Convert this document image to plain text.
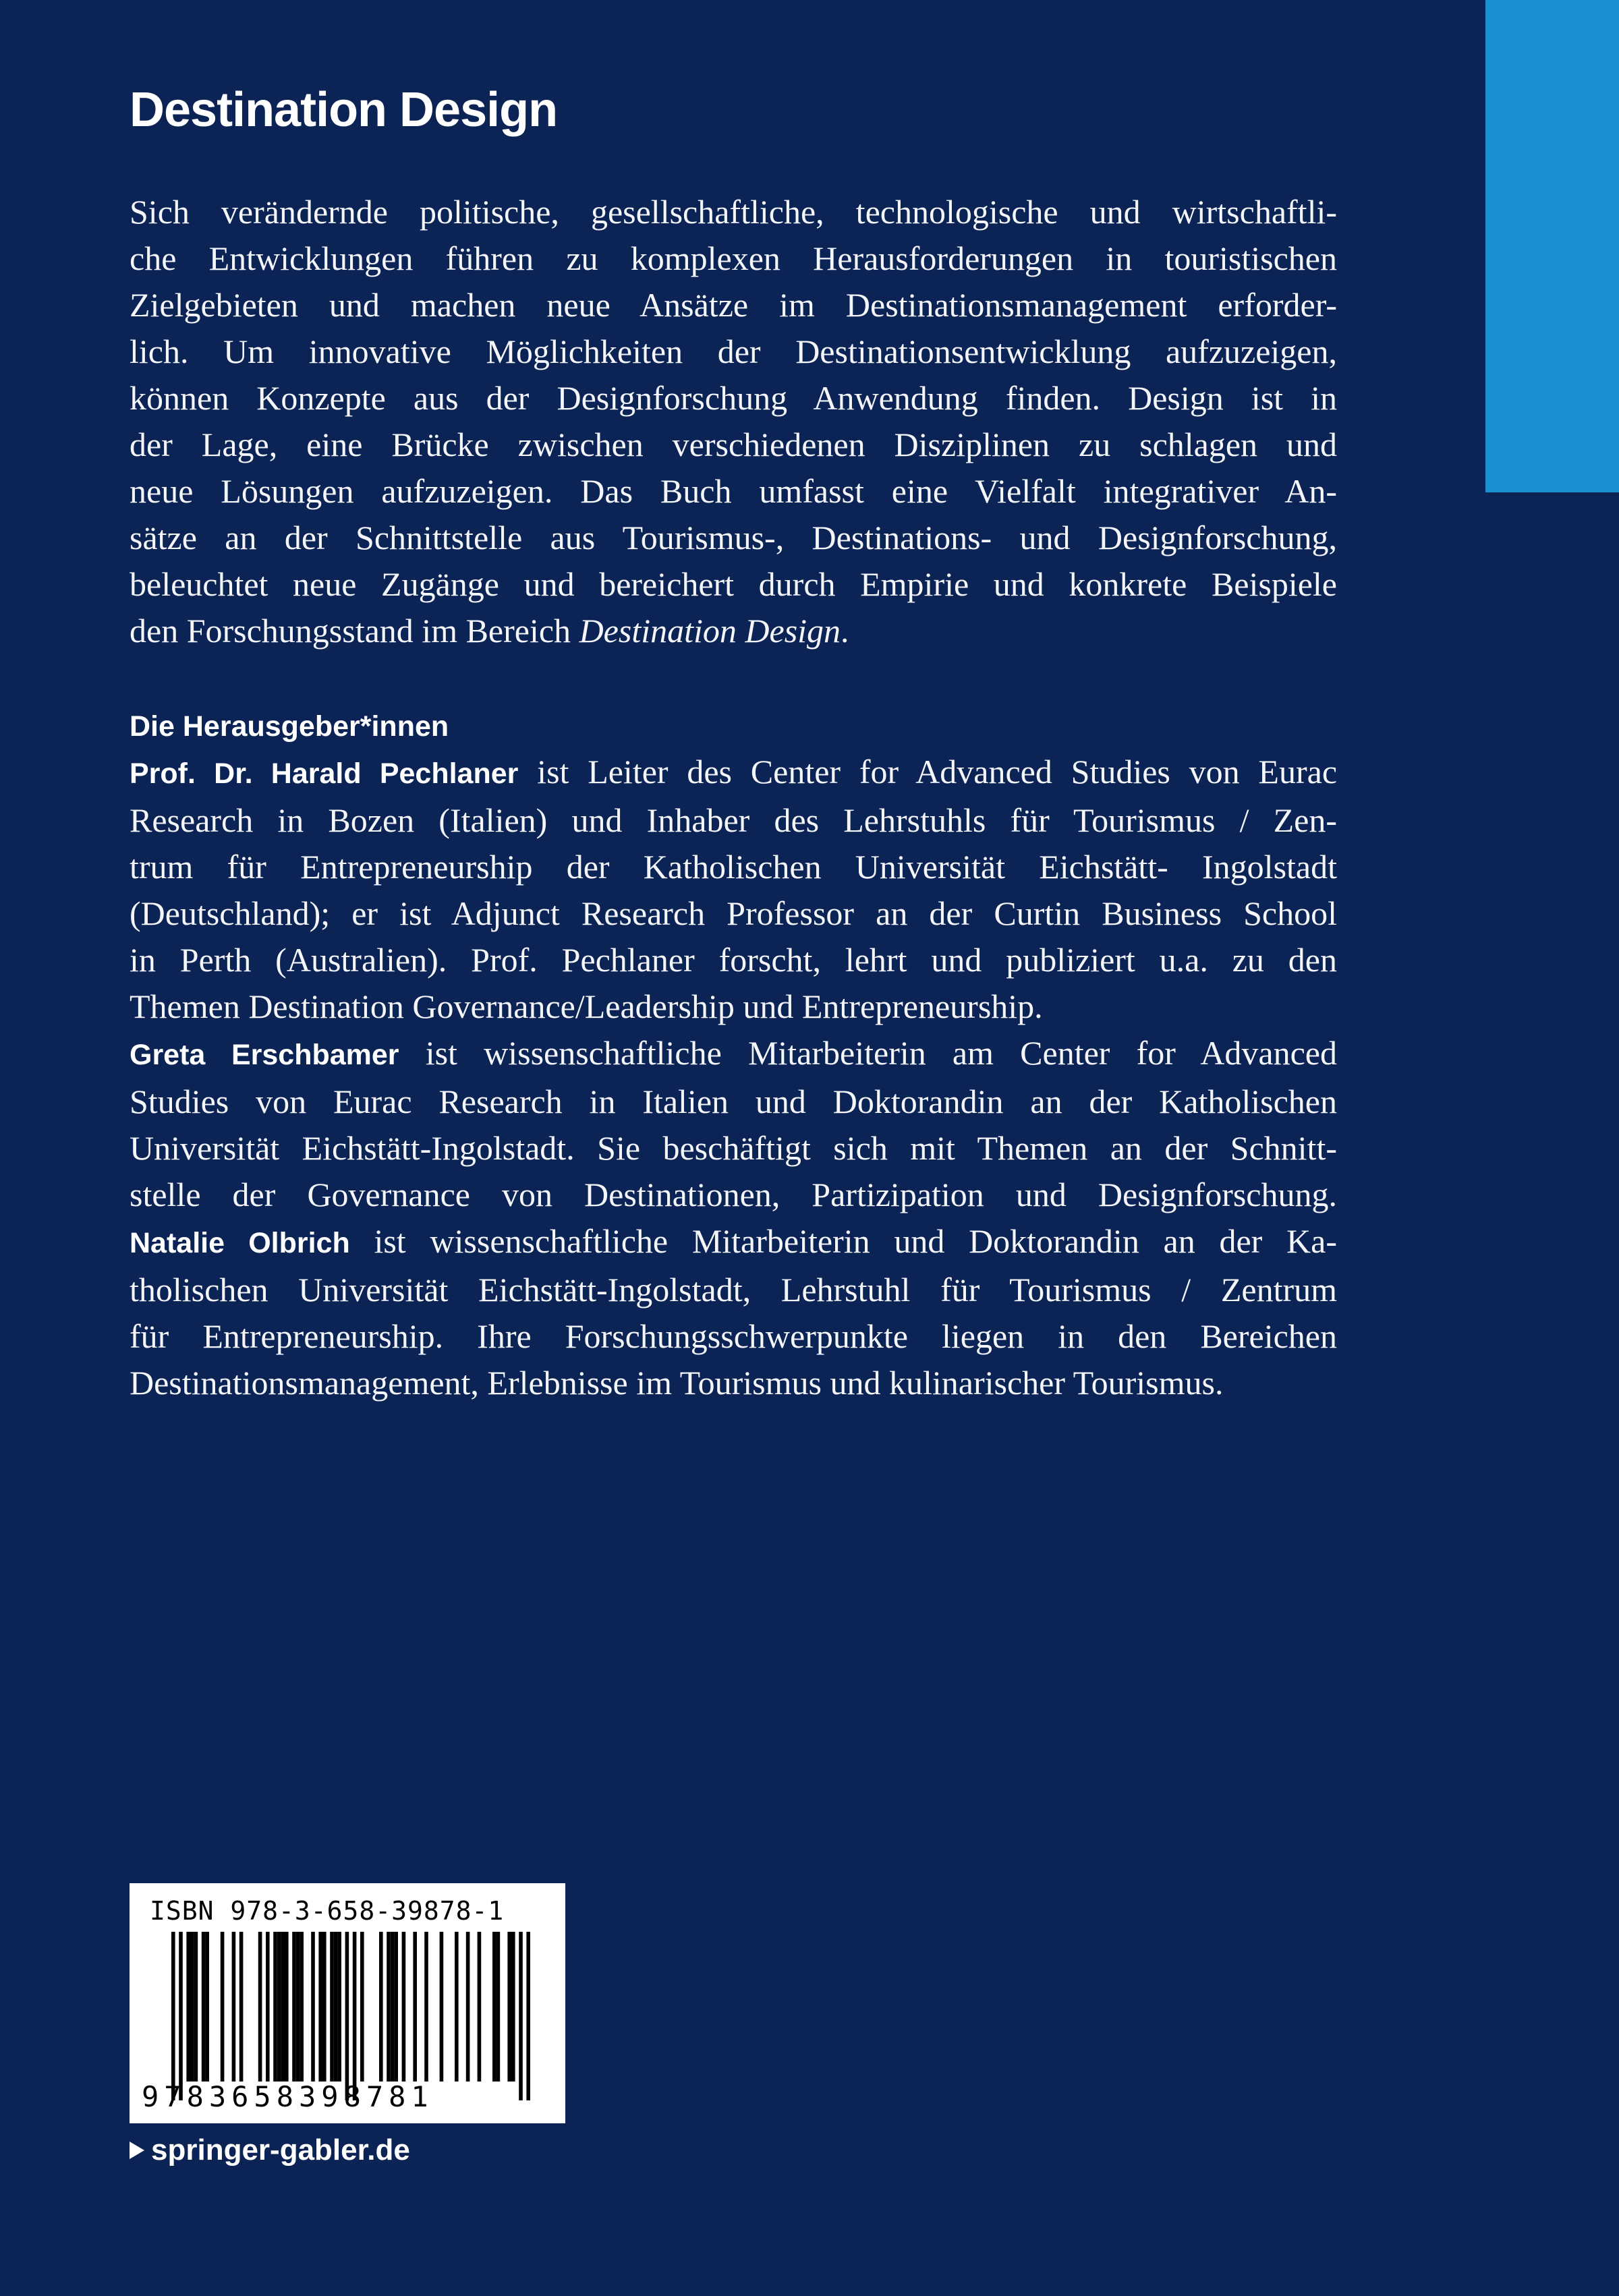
Destination Design

Sich verändernde politische, gesellschaftliche, technologische und wirtschaftli-
che Entwicklungen führen zu komplexen Herausforderungen in touristischen
Zielgebieten und machen neue Ansätze im Destinationsmanagement erforder-
lich. Um innovative Möglichkeiten der Destinationsentwicklung aufzuzeigen,
können Konzepte aus der Designforschung Anwendung finden. Design ist in
der Lage, eine Brücke zwischen verschiedenen Disziplinen zu schlagen und
neue Lösungen aufzuzeigen. Das Buch umfasst eine Vielfalt integrativer An-
sätze an der Schnittstelle aus Tourismus-, Destinations- und Designforschung,
beleuchtet neue Zugänge und bereichert durch Empirie und konkrete Beispiele
den Forschungsstand im Bereich Destination Design.

Die Herausgeber*innen
Prof. Dr. Harald Pechlaner ist Leiter des Center for Advanced Studies von Eurac
Research in Bozen (Italien) und Inhaber des Lehrstuhls für Tourismus / Zen-
trum für Entrepreneurship der Katholischen Universität Eichstätt- Ingolstadt
(Deutschland); er ist Adjunct Research Professor an der Curtin Business School
in Perth (Australien). Prof. Pechlaner forscht, lehrt und publiziert u.a. zu den
Themen Destination Governance/Leadership und Entrepreneurship.
Greta Erschbamer ist wissenschaftliche Mitarbeiterin am Center for Advanced
Studies von Eurac Research in Italien und Doktorandin an der Katholischen
Universität Eichstätt-Ingolstadt. Sie beschäftigt sich mit Themen an der Schnitt-
stelle der Governance von Destinationen, Partizipation und Designforschung.
Natalie Olbrich ist wissenschaftliche Mitarbeiterin und Doktorandin an der Ka-
tholischen Universität Eichstätt-Ingolstadt, Lehrstuhl für Tourismus / Zentrum
für Entrepreneurship. Ihre Forschungsschwerpunkte liegen in den Bereichen
Destinationsmanagement, Erlebnisse im Tourismus und kulinarischer Tourismus.
ISBN 978-3-658-39878-1
9783658398781

springer-gabler.de
